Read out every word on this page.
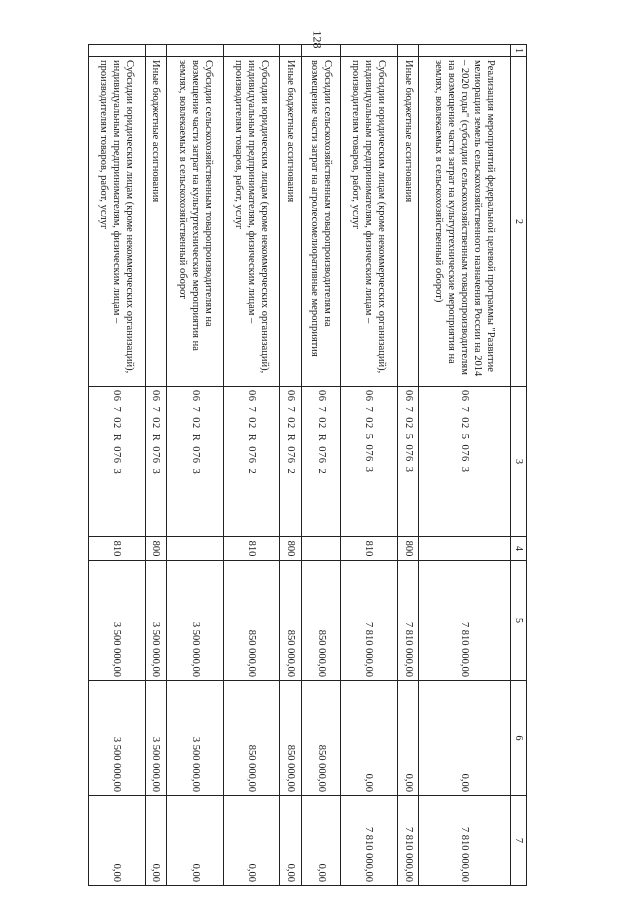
128
1	2	3	4	5	6	7
	Реализация мероприятий федеральной целевой программы "Развитие мелиорации земель сельскохозяйственного назначения России на 2014 – 2020 годы" (субсидии сельскохозяйственным товаропроизводителям на возмещение части затрат на культуртехнические мероприятия на землях, вовлекаемых в сельскохозяйственный оборот)	0670250763		7 810 000,00	0,00	7 810 000,00
	Иные бюджетные ассигнования	0670250763	800	7 810 000,00	0,00	7 810 000,00
	Субсидии юридическим лицам (кроме некоммерческих организаций), индивидуальным предпринимателям, физическим лицам – производителям товаров, работ, услуг	0670250763	810	7 810 000,00	0,00	7 810 000,00
	Субсидии сельскохозяйственным товаропроизводителям на возмещение части затрат на агролесомелиоративные мероприятия	06702R0762		850 000,00	850 000,00	0,00
	Иные бюджетные ассигнования	06702R0762	800	850 000,00	850 000,00	0,00
	Субсидии юридическим лицам (кроме некоммерческих организаций), индивидуальным предпринимателям, физическим лицам – производителям товаров, работ, услуг	06702R0762	810	850 000,00	850 000,00	0,00
	Субсидии сельскохозяйственным товаропроизводителям на возмещение части затрат на культуртехнические мероприятия на землях, вовлекаемых в сельскохозяйственный оборот	06702R0763		3 500 000,00	3 500 000,00	0,00
	Иные бюджетные ассигнования	06702R0763	800	3 500 000,00	3 500 000,00	0,00
	Субсидии юридическим лицам (кроме некоммерческих организаций), индивидуальным предпринимателям, физическим лицам – производителям товаров, работ, услуг	06702R0763	810	3 500 000,00	3 500 000,00	0,00
